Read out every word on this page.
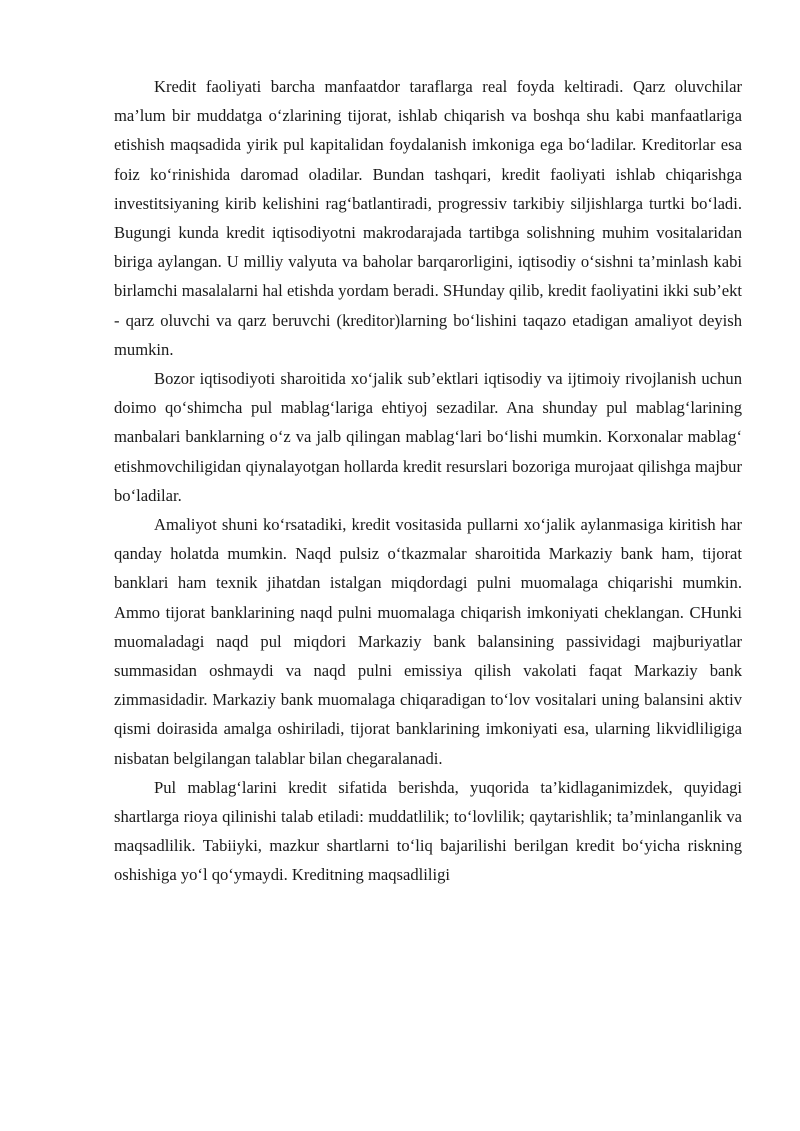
Kredit faoliyati barcha manfaatdor taraflarga real foyda keltiradi. Qarz oluvchilar ma’lum bir muddatga o‘zlarining tijorat, ishlab chiqarish va boshqa shu kabi manfaatlariga etishish maqsadida yirik pul kapitalidan foydalanish imkoniga ega bo‘ladilar. Kreditorlar esa foiz ko‘rinishida daromad oladilar. Bundan tashqari, kredit faoliyati ishlab chiqarishga investitsiyaning kirib kelishini rag‘batlantiradi, progressiv tarkibiy siljishlarga turtki bo‘ladi. Bugungi kunda kredit iqtisodiyotni makrodarajada tartibga solishning muhim vositalaridan biriga aylangan. U milliy valyuta va baholar barqarorligini, iqtisodiy o‘sishni ta’minlash kabi birlamchi masalalarni hal etishda yordam beradi. SHunday qilib, kredit faoliyatini ikki sub’ekt - qarz oluvchi va qarz beruvchi (kreditor)larning bo‘lishini taqazo etadigan amaliyot deyish mumkin.

Bozor iqtisodiyoti sharoitida xo‘jalik sub’ektlari iqtisodiy va ijtimoiy rivojlanish uchun doimo qo‘shimcha pul mablag‘lariga ehtiyoj sezadilar. Ana shunday pul mablag‘larining manbalari banklarning o‘z va jalb qilingan mablag‘lari bo‘lishi mumkin. Korxonalar mablag‘ etishmovchiligidan qiynalayotgan hollarda kredit resurslari bozoriga murojaat qilishga majbur bo‘ladilar.

Amaliyot shuni ko‘rsatadiki, kredit vositasida pullarni xo‘jalik aylanmasiga kiritish har qanday holatda mumkin. Naqd pulsiz o‘tkazmalar sharoitida Markaziy bank ham, tijorat banklari ham texnik jihatdan istalgan miqdordagi pulni muomalaga chiqarishi mumkin. Ammo tijorat banklarining naqd pulni muomalaga chiqarish imkoniyati cheklangan. CHunki muomaladagi naqd pul miqdori Markaziy bank balansining passividagi majburiyatlar summasidan oshmaydi va naqd pulni emissiya qilish vakolati faqat Markaziy bank zimmasidadir. Markaziy bank muomalaga chiqaradigan to‘lov vositalari uning balansini aktiv qismi doirasida amalga oshiriladi, tijorat banklarining imkoniyati esa, ularning likvidliligiga nisbatan belgilangan talablar bilan chegaralanadi.

Pul mablag‘larini kredit sifatida berishda, yuqorida ta’kidlaganimizdek, quyidagi shartlarga rioya qilinishi talab etiladi: muddatlilik; to‘lovlilik; qaytarishlik; ta’minlanganlik va maqsadlilik. Tabiiyki, mazkur shartlarni to‘liq bajarilishi berilgan kredit bo‘yicha riskning oshishiga yo‘l qo‘ymaydi. Kreditning maqsadliligi
